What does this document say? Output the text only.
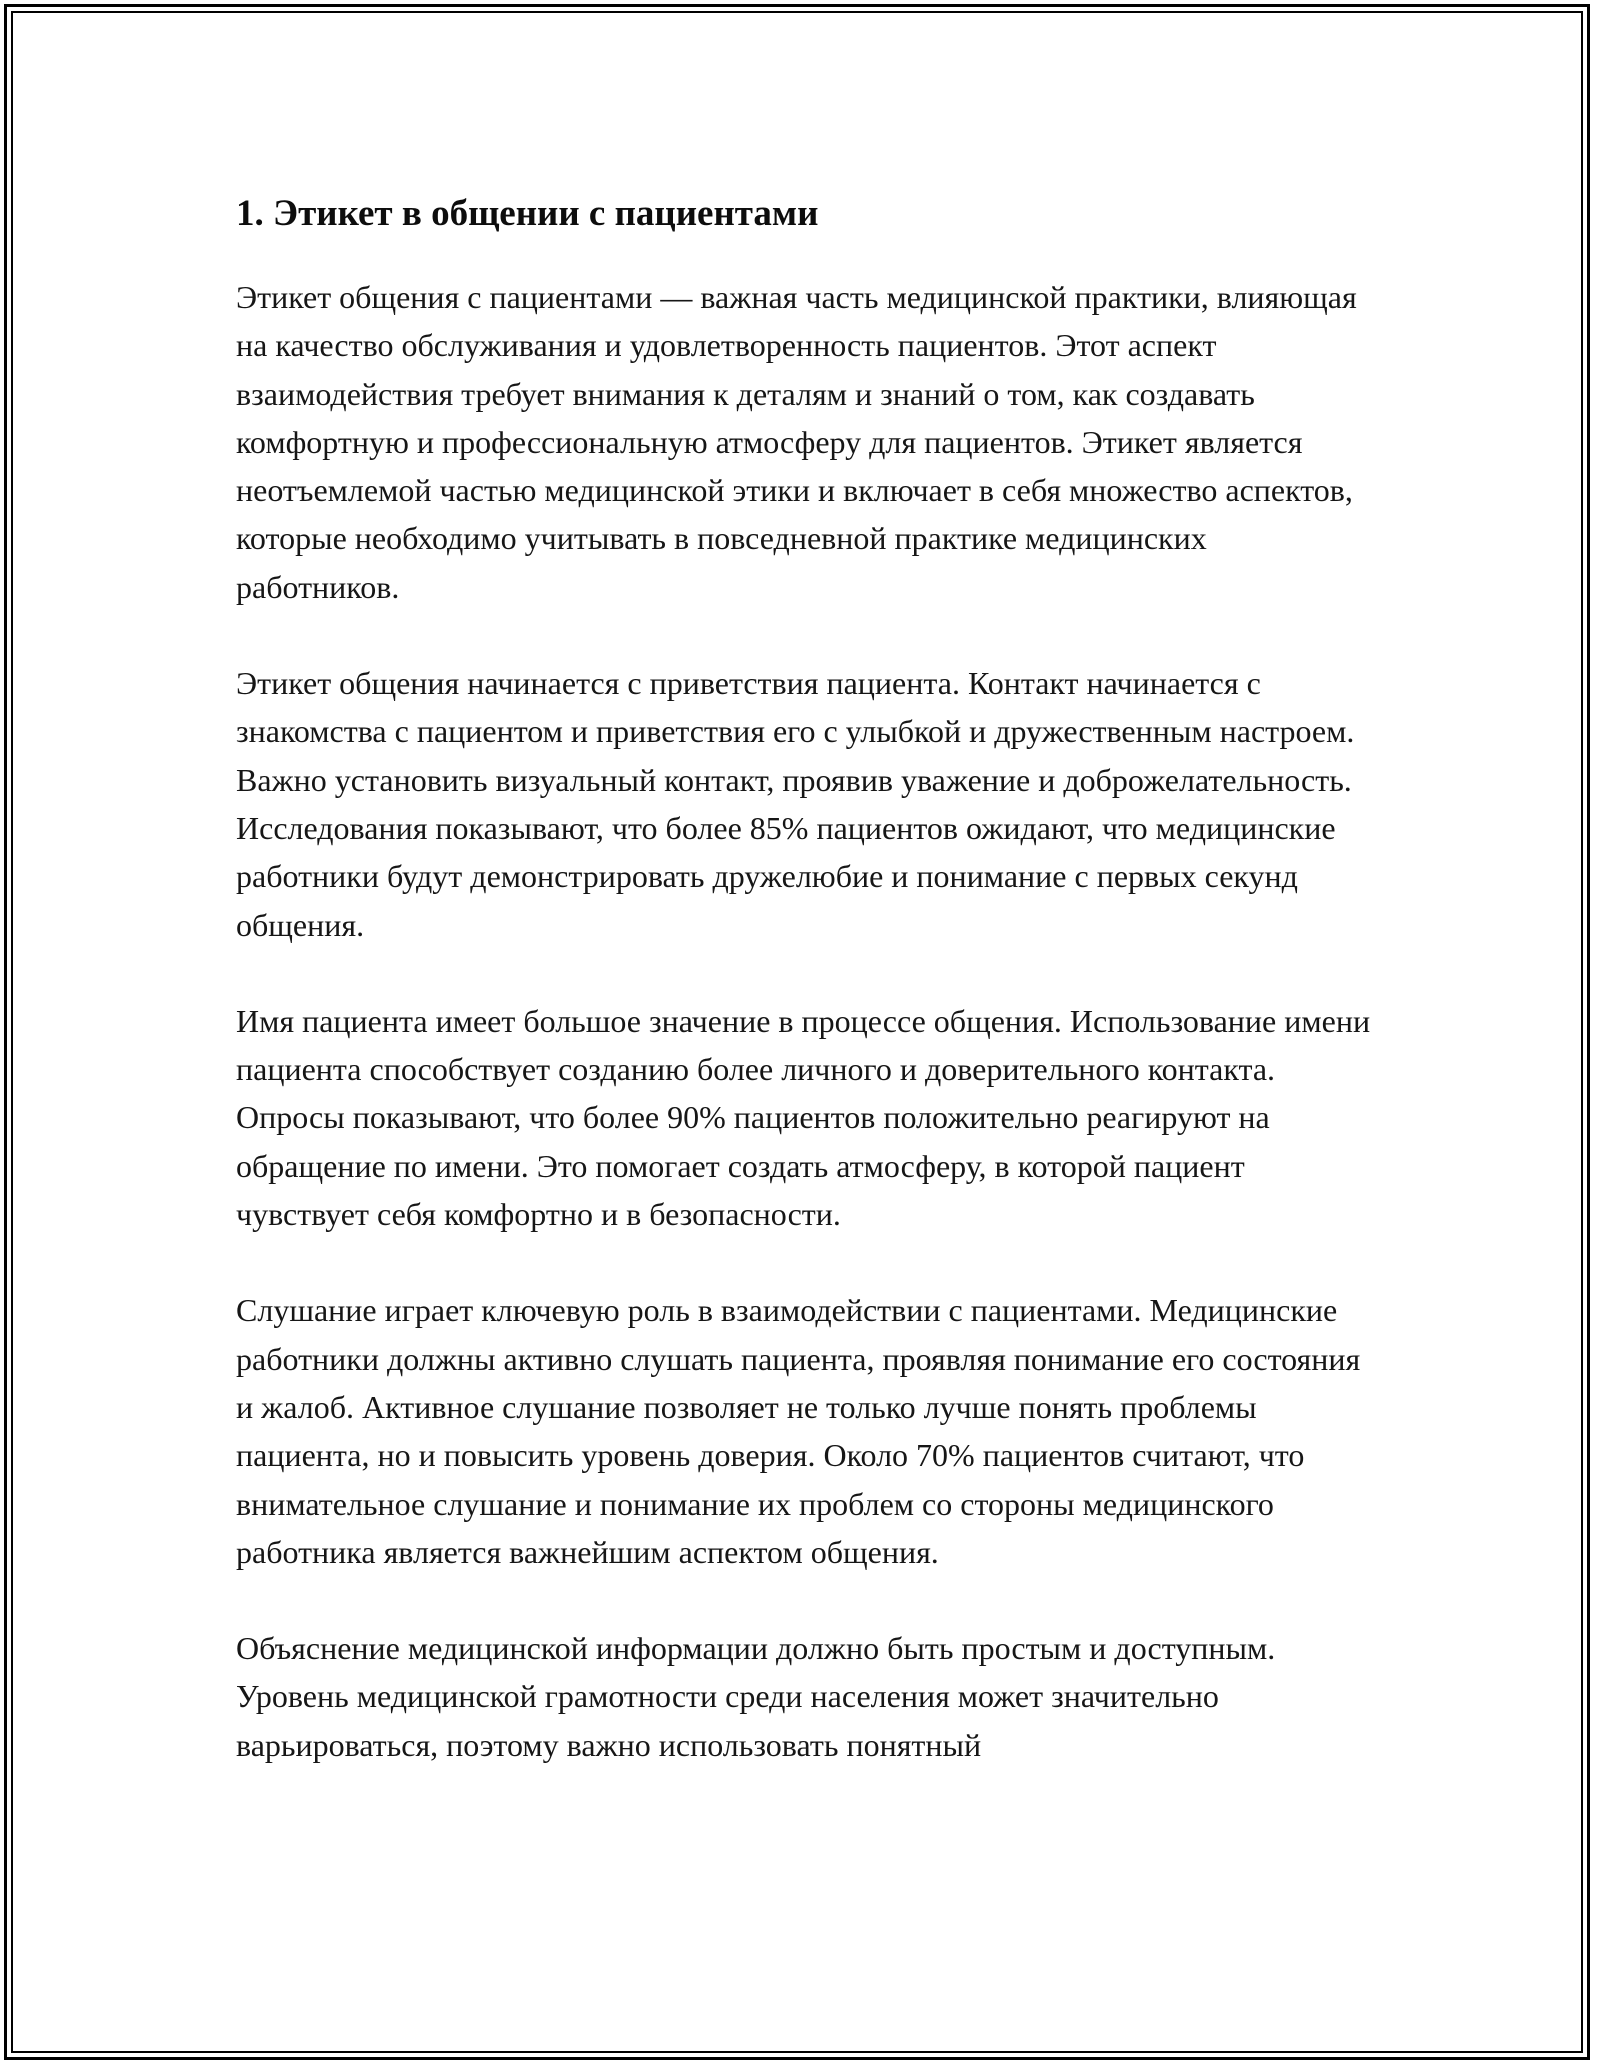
1. Этикет в общении с пациентами

Этикет общения с пациентами — важная часть медицинской практики, влияющая на качество обслуживания и удовлетворенность пациентов. Этот аспект взаимодействия требует внимания к деталям и знаний о том, как создавать комфортную и профессиональную атмосферу для пациентов. Этикет является неотъемлемой частью медицинской этики и включает в себя множество аспектов, которые необходимо учитывать в повседневной практике медицинских работников.

Этикет общения начинается с приветствия пациента. Контакт начинается с знакомства с пациентом и приветствия его с улыбкой и дружественным настроем. Важно установить визуальный контакт, проявив уважение и доброжелательность. Исследования показывают, что более 85% пациентов ожидают, что медицинские работники будут демонстрировать дружелюбие и понимание с первых секунд общения.

Имя пациента имеет большое значение в процессе общения. Использование имени пациента способствует созданию более личного и доверительного контакта. Опросы показывают, что более 90% пациентов положительно реагируют на обращение по имени. Это помогает создать атмосферу, в которой пациент чувствует себя комфортно и в безопасности.

Слушание играет ключевую роль в взаимодействии с пациентами. Медицинские работники должны активно слушать пациента, проявляя понимание его состояния и жалоб. Активное слушание позволяет не только лучше понять проблемы пациента, но и повысить уровень доверия. Около 70% пациентов считают, что внимательное слушание и понимание их проблем со стороны медицинского работника является важнейшим аспектом общения.

Объяснение медицинской информации должно быть простым и доступным. Уровень медицинской грамотности среди населения может значительно варьироваться, поэтому важно использовать понятный
